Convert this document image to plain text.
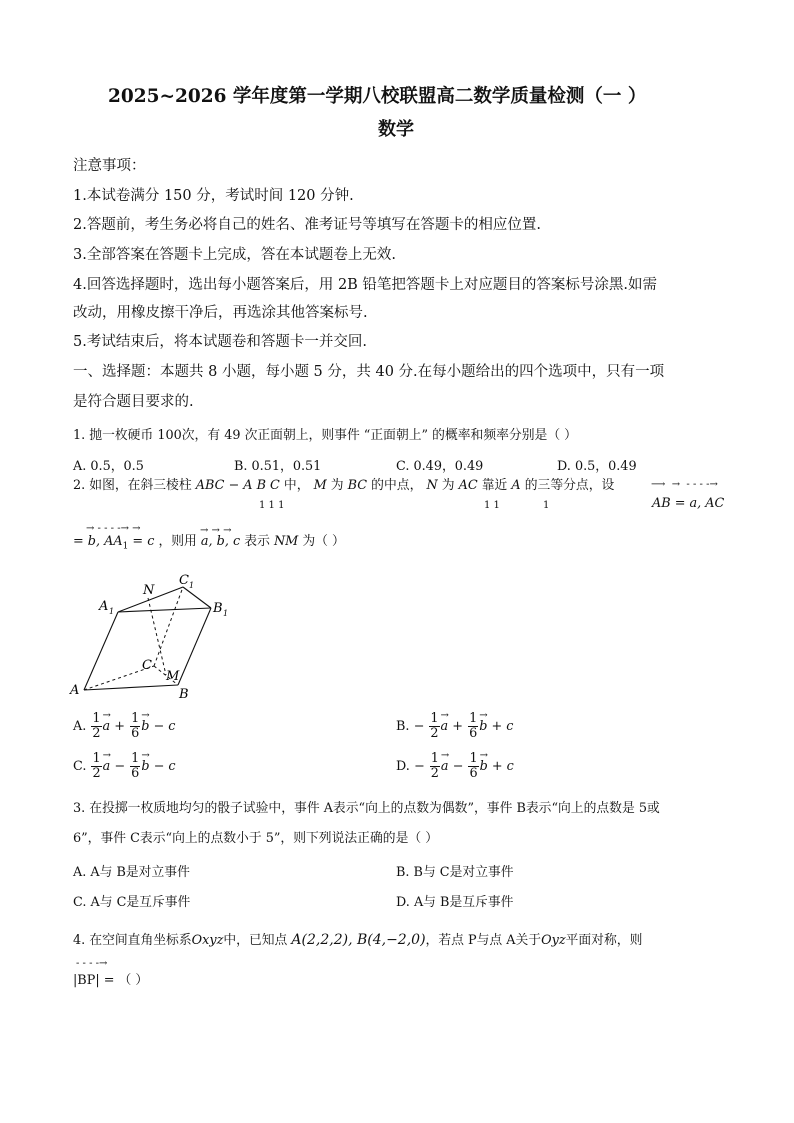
2025~2026 学年度第一学期八校联盟高二数学质量检测（一 ）
数学
注意事项：
1.本试卷满分 150 分，考试时间 120 分钟.
2.答题前，考生务必将自己的姓名、准考证号等填写在答题卡的相应位置.
3.全部答案在答题卡上完成，答在本试题卷上无效.
4.回答选择题时，选出每小题答案后，用 2B 铅笔把答题卡上对应题目的答案标号涂黑.如需
改动，用橡皮擦干净后，再选涂其他答案标号.
5.考试结束后，将本试题卷和答题卡一并交回.
一、选择题：本题共 8 小题，每小题 5 分，共 40 分.在每小题给出的四个选项中，只有一项
是符合题目要求的.
1. 抛一枚硬币 100次，有 49 次正面朝上，则事件 “正面朝上” 的概率和频率分别是（ ）
A. 0.5，0.5	B. 0.51，0.51	C. 0.49，0.49	D. 0.5，0.49
2. 如图，在斜三棱柱 ABC − A B C 中， M 为 BC 的中点， N 为 AC 靠近 A 的三等分点，设
1 1 1	1 1	1	AB = a, AC
⟶  →  - - - -→
= b, $AA_1 = c$ ，则用 a, b, c 表示 NM 为（ ）
→ - - - -→ →	→ → →
A 1	B 1
C 1
N
C
M
A	B
A. $\frac{1}{2}$
→ $a + \frac{1}{6}$
→ b − c	B. − $\frac{1}{2}$
→ $a + \frac{1}{6}$
→ b + c
C. $\frac{1}{2}$
→ $a - \frac{1}{6}$
→ b − c	D. − $\frac{1}{2}$
→ $a - \frac{1}{6}$
→ b + c
3. 在投掷一枚质地均匀的骰子试验中，事件 A表示“向上的点数为偶数”，事件 B表示“向上的点数是 5或
6”，事件 C表示“向上的点数小于 5”，则下列说法正确的是（ ）
A. A与 B是对立事件	B. B与 C是对立事件
C. A与 C是互斥事件	D. A与 B是互斥事件
4. 在空间直角坐标系Oxyz中，已知点 A(2,2,2), B(4,−2,0)，若点 P与点 A关于Oyz平面对称，则
- - - -→
|BP| = （ ）
